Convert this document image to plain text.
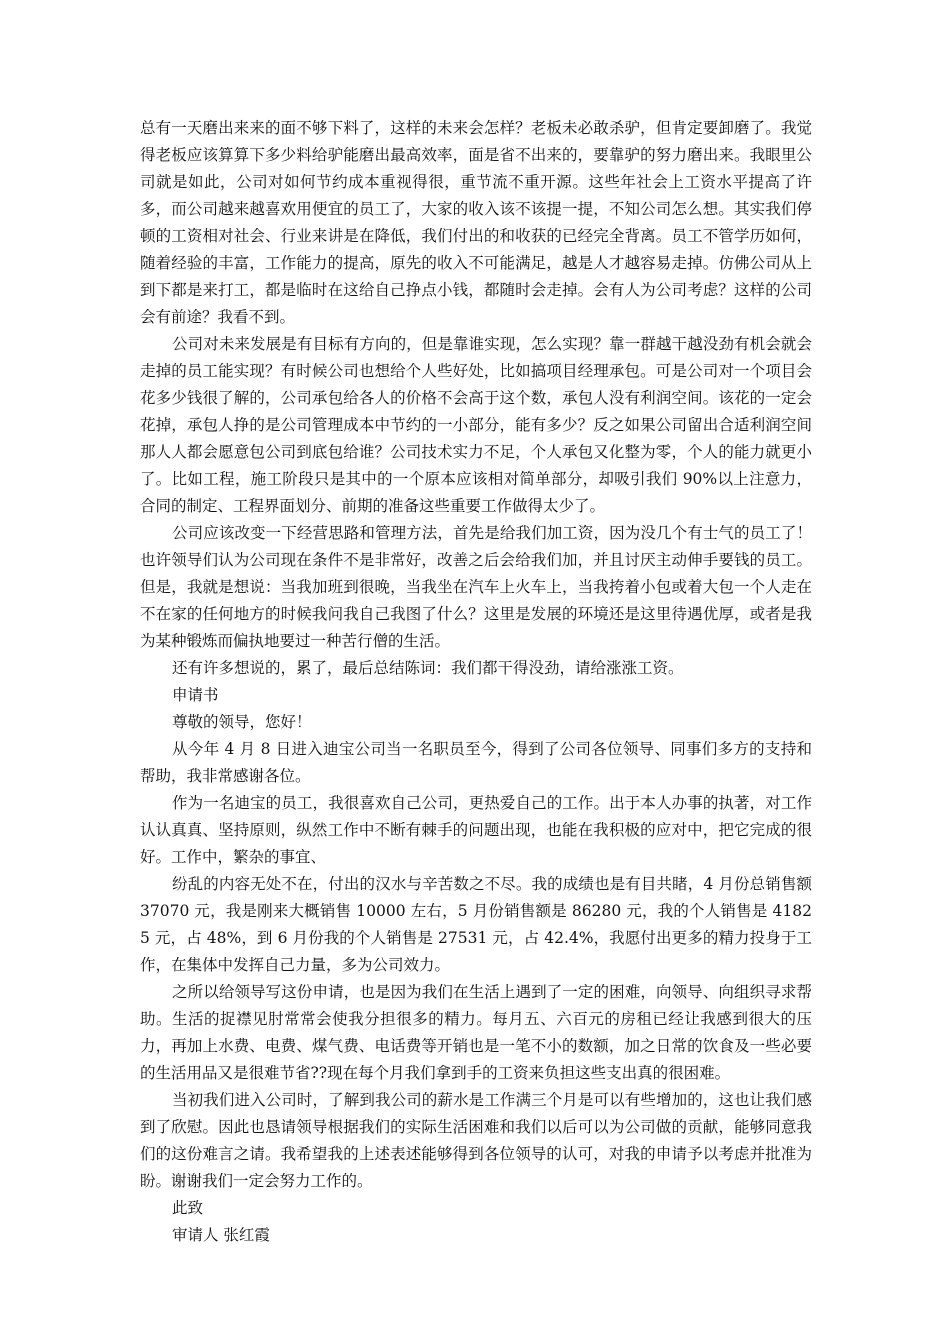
总有一天磨出来来的面不够下料了，这样的未来会怎样？老板未必敢杀驴，但肯定要卸磨了。我觉得老板应该算算下多少料给驴能磨出最高效率，面是省不出来的，要靠驴的努力磨出来。我眼里公司就是如此，公司对如何节约成本重视得很，重节流不重开源。这些年社会上工资水平提高了许多，而公司越来越喜欢用便宜的员工了，大家的收入该不该提一提，不知公司怎么想。其实我们停顿的工资相对社会、行业来讲是在降低，我们付出的和收获的已经完全背离。员工不管学历如何，随着经验的丰富，工作能力的提高，原先的收入不可能满足，越是人才越容易走掉。仿佛公司从上到下都是来打工，都是临时在这给自己挣点小钱，都随时会走掉。会有人为公司考虑？这样的公司会有前途？我看不到。

公司对未来发展是有目标有方向的，但是靠谁实现，怎么实现？靠一群越干越没劲有机会就会走掉的员工能实现？有时候公司也想给个人些好处，比如搞项目经理承包。可是公司对一个项目会花多少钱很了解的，公司承包给各人的价格不会高于这个数，承包人没有利润空间。该花的一定会花掉，承包人挣的是公司管理成本中节约的一小部分，能有多少？反之如果公司留出合适利润空间那人人都会愿意包公司到底包给谁？公司技术实力不足，个人承包又化整为零，个人的能力就更小了。比如工程，施工阶段只是其中的一个原本应该相对简单部分，却吸引我们 90%以上注意力，合同的制定、工程界面划分、前期的准备这些重要工作做得太少了。

公司应该改变一下经营思路和管理方法，首先是给我们加工资，因为没几个有士气的员工了！也许领导们认为公司现在条件不是非常好，改善之后会给我们加，并且讨厌主动伸手要钱的员工。但是，我就是想说：当我加班到很晚，当我坐在汽车上火车上，当我挎着小包或着大包一个人走在不在家的任何地方的时候我问我自己我图了什么？这里是发展的环境还是这里待遇优厚，或者是我为某种锻炼而偏执地要过一种苦行僧的生活。

还有许多想说的，累了，最后总结陈词：我们都干得没劲，请给涨涨工资。

申请书

尊敬的领导，您好！

从今年 4 月 8 日进入迪宝公司当一名职员至今，得到了公司各位领导、同事们多方的支持和帮助，我非常感谢各位。

作为一名迪宝的员工，我很喜欢自己公司，更热爱自己的工作。出于本人办事的执著，对工作认认真真、坚持原则，纵然工作中不断有棘手的问题出现，也能在我积极的应对中，把它完成的很好。工作中，繁杂的事宜、

纷乱的内容无处不在，付出的汉水与辛苦数之不尽。我的成绩也是有目共睹，4 月份总销售额 37070 元，我是刚来大概销售 10000 左右，5 月份销售额是 86280 元，我的个人销售是 41825 元，占 48%，到 6 月份我的个人销售是 27531 元，占 42.4%，我愿付出更多的精力投身于工作，在集体中发挥自己力量，多为公司效力。

之所以给领导写这份申请，也是因为我们在生活上遇到了一定的困难，向领导、向组织寻求帮助。生活的捉襟见肘常常会使我分担很多的精力。每月五、六百元的房租已经让我感到很大的压力，再加上水费、电费、煤气费、电话费等开销也是一笔不小的数额，加之日常的饮食及一些必要的生活用品又是很难节省??现在每个月我们拿到手的工资来负担这些支出真的很困难。

当初我们进入公司时，了解到我公司的薪水是工作满三个月是可以有些增加的，这也让我们感到了欣慰。因此也恳请领导根据我们的实际生活困难和我们以后可以为公司做的贡献，能够同意我们的这份难言之请。我希望我的上述表述能够得到各位领导的认可，对我的申请予以考虑并批准为盼。谢谢我们一定会努力工作的。

此致

审请人 张红霞
